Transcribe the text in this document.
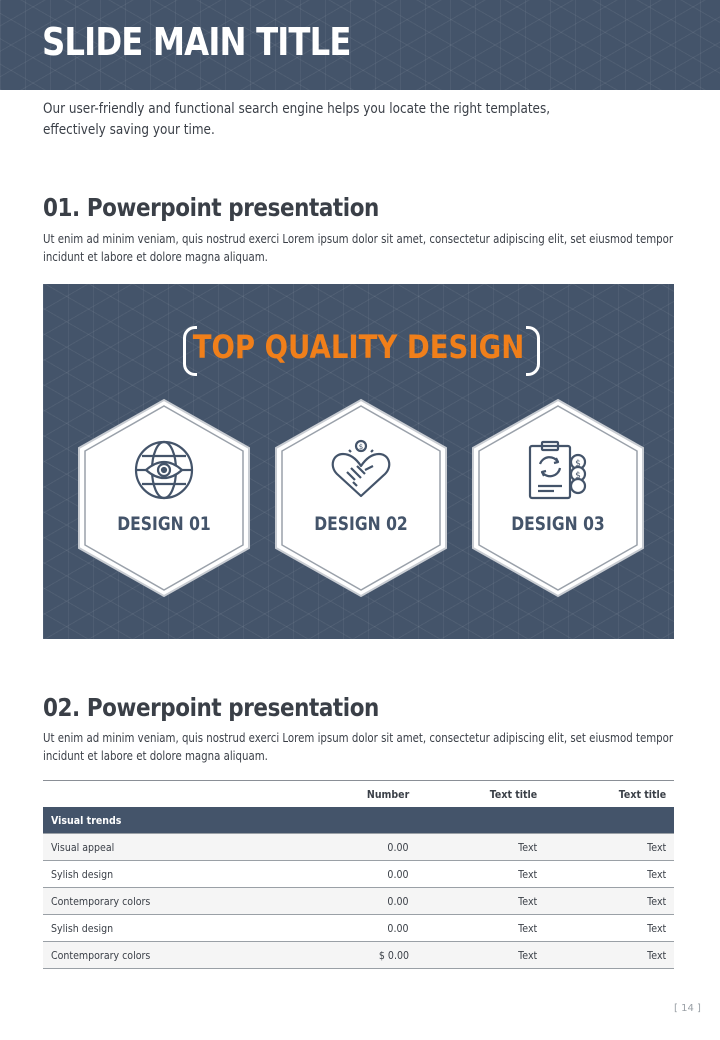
SLIDE MAIN TITLE
Our user-friendly and functional search engine helps you locate the right templates,
effectively saving your time.
01. Powerpoint presentation
Ut enim ad minim veniam, quis nostrud exerci Lorem ipsum dolor sit amet, consectetur adipiscing elit, set eiusmod tempor incidunt et labore et dolore magna aliquam.
TOP QUALITY DESIGN
DESIGN 01
$
DESIGN 02
$
$
DESIGN 03
02. Powerpoint presentation
Ut enim ad minim veniam, quis nostrud exerci Lorem ipsum dolor sit amet, consectetur adipiscing elit, set eiusmod tempor incidunt et labore et dolore magna aliquam.
	Number	Text title	Text title
Visual trends			
Visual appeal	0.00	Text	Text
Sylish design	0.00	Text	Text
Contemporary colors	0.00	Text	Text
Sylish design	0.00	Text	Text
Contemporary colors	$ 0.00	Text	Text
[ 14 ]
